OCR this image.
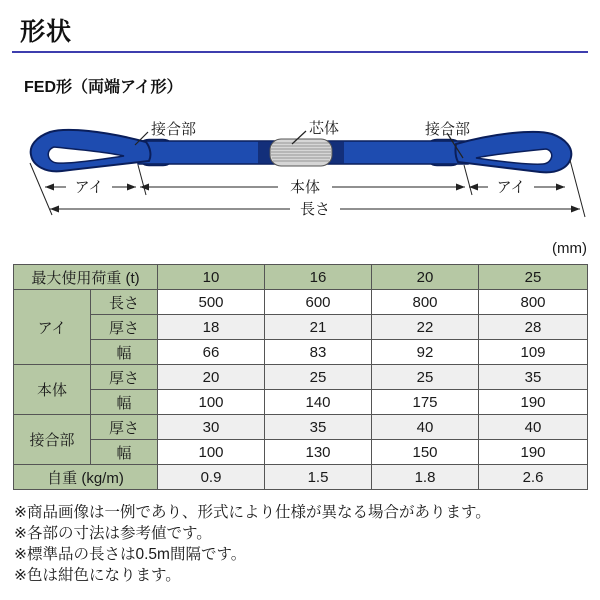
形状
FED形（両端アイ形）
接合部	芯体	接合部
アイ	本体	アイ
長さ
(mm)
最大使用荷重 (t)		10	16	20	25
アイ	長さ	500	600	800	800
	厚さ	18	21	22	28
	幅	66	83	92	109
本体	厚さ	20	25	25	35
	幅	100	140	175	190
接合部	厚さ	30	35	40	40
	幅	100	130	150	190
自重 (kg/m)		0.9	1.5	1.8	2.6

※商品画像は一例であり、形式により仕様が異なる場合があります。

※各部の寸法は参考値です。

※標準品の長さは0.5m間隔です。

※色は紺色になります。
